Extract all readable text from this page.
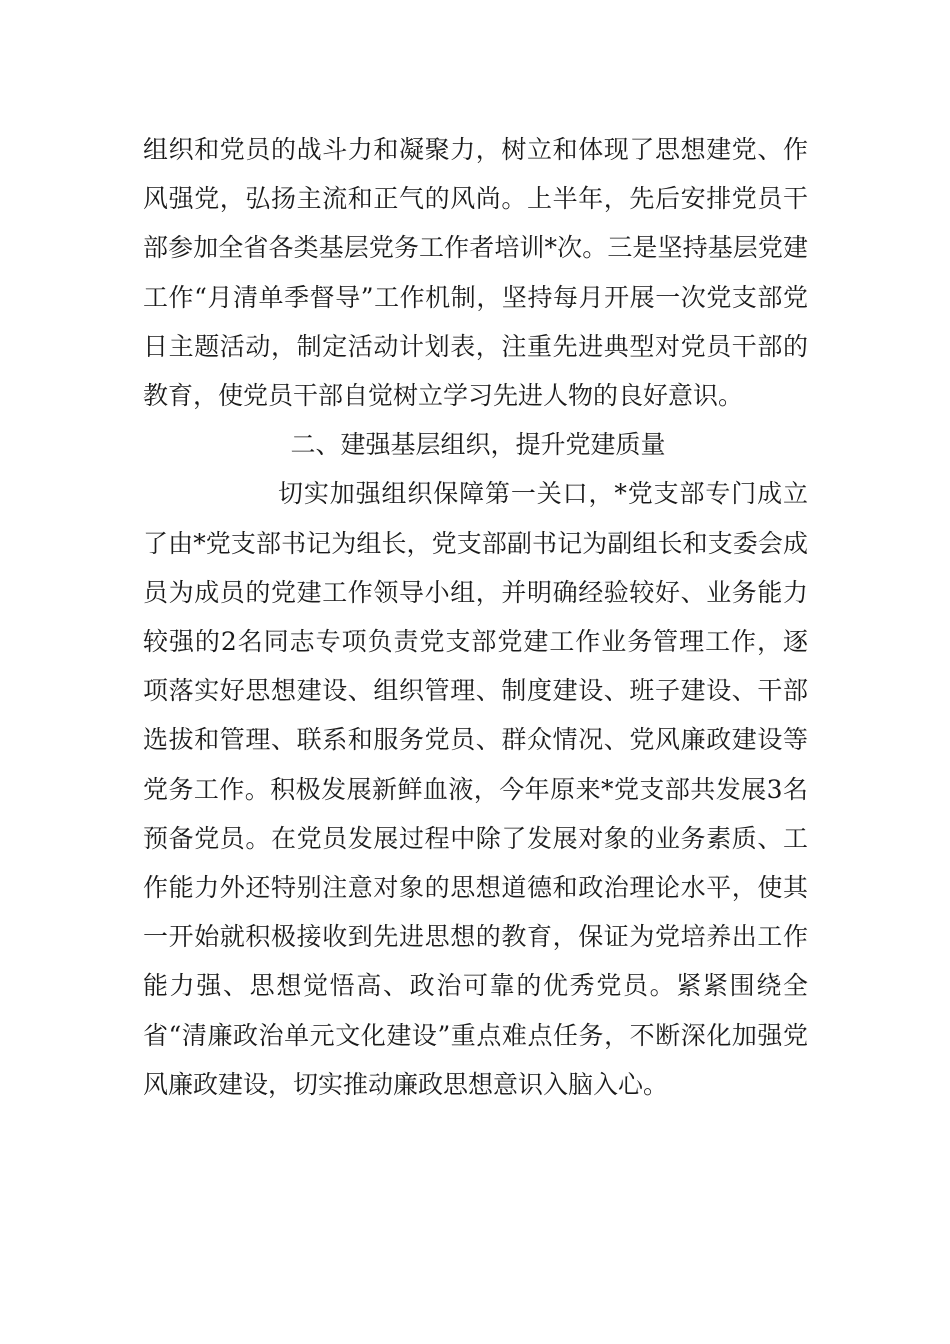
组织和党员的战斗力和凝聚力，树立和体现了思想建党、作风强党，弘扬主流和正气的风尚。上半年，先后安排党员干部参加全省各类基层党务工作者培训*次。三是坚持基层党建工作“月清单季督导”工作机制，坚持每月开展一次党支部党日主题活动，制定活动计划表，注重先进典型对党员干部的教育，使党员干部自觉树立学习先进人物的良好意识。

二、建强基层组织，提升党建质量

切实加强组织保障第一关口，*党支部专门成立了由*党支部书记为组长，党支部副书记为副组长和支委会成员为成员的党建工作领导小组，并明确经验较好、业务能力较强的2名同志专项负责党支部党建工作业务管理工作，逐项落实好思想建设、组织管理、制度建设、班子建设、干部选拔和管理、联系和服务党员、群众情况、党风廉政建设等党务工作。积极发展新鲜血液，今年原来*党支部共发展3名预备党员。在党员发展过程中除了发展对象的业务素质、工作能力外还特别注意对象的思想道德和政治理论水平，使其一开始就积极接收到先进思想的教育，保证为党培养出工作能力强、思想觉悟高、政治可靠的优秀党员。紧紧围绕全省“清廉政治单元文化建设”重点难点任务，不断深化加强党风廉政建设，切实推动廉政思想意识入脑入心。
